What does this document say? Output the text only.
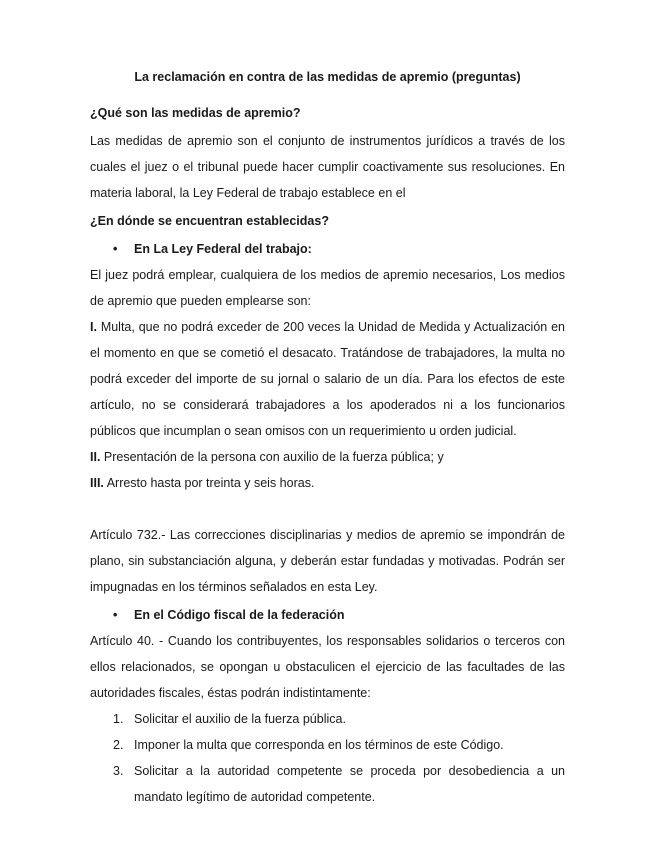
La reclamación en contra de las medidas de apremio (preguntas)

¿Qué son las medidas de apremio?

Las medidas de apremio son el conjunto de instrumentos jurídicos a través de los cuales el juez o el tribunal puede hacer cumplir coactivamente sus resoluciones. En materia laboral, la Ley Federal de trabajo establece en el

¿En dónde se encuentran establecidas?

•	En La Ley Federal del trabajo:

El juez podrá emplear, cualquiera de los medios de apremio necesarios, Los medios de apremio que pueden emplearse son:

I. Multa, que no podrá exceder de 200 veces la Unidad de Medida y Actualización en el momento en que se cometió el desacato. Tratándose de trabajadores, la multa no podrá exceder del importe de su jornal o salario de un día. Para los efectos de este artículo, no se considerará trabajadores a los apoderados ni a los funcionarios públicos que incumplan o sean omisos con un requerimiento u orden judicial.

II. Presentación de la persona con auxilio de la fuerza pública; y

III. Arresto hasta por treinta y seis horas.

Artículo 732.- Las correcciones disciplinarias y medios de apremio se impondrán de plano, sin substanciación alguna, y deberán estar fundadas y motivadas. Podrán ser impugnadas en los términos señalados en esta Ley.

•	En el Código fiscal de la federación

Artículo 40. - Cuando los contribuyentes, los responsables solidarios o terceros con ellos relacionados, se opongan u obstaculicen el ejercicio de las facultades de las autoridades fiscales, éstas podrán indistintamente:

1. Solicitar el auxilio de la fuerza pública.
2. Imponer la multa que corresponda en los términos de este Código.
3. Solicitar a la autoridad competente se proceda por desobediencia a un mandato legítimo de autoridad competente.
